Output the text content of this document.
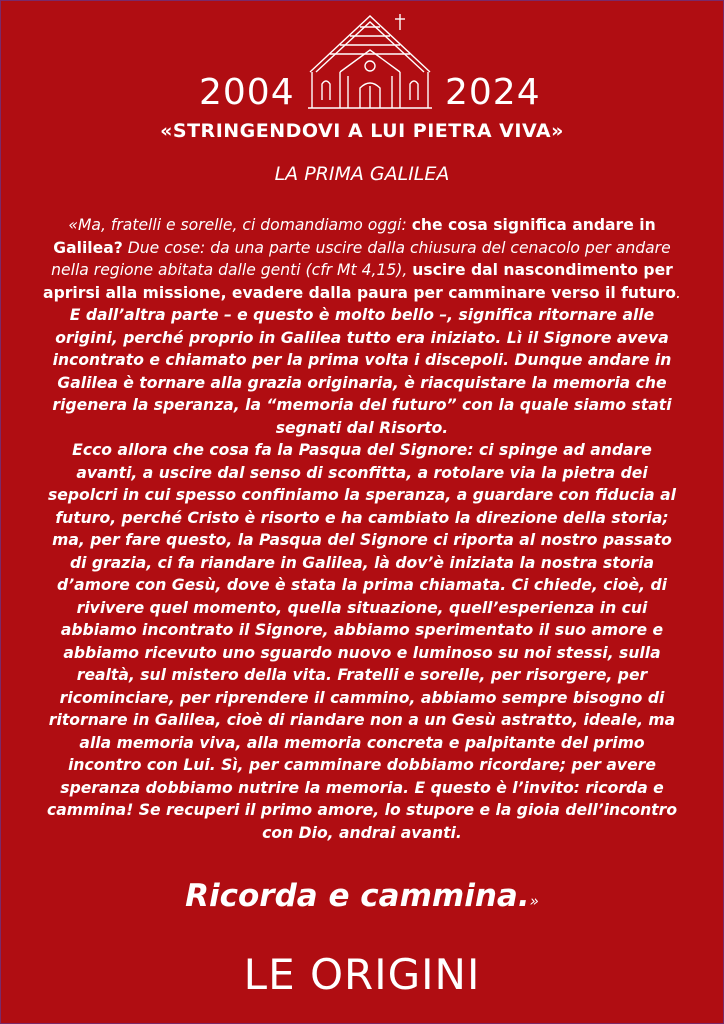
2004	2024
«STRINGENDOVI A LUI PIETRA VIVA»
LA PRIMA GALILEA
«Ma, fratelli e sorelle, ci domandiamo oggi: che cosa significa andare in
Galilea? Due cose: da una parte uscire dalla chiusura del cenacolo per andare
nella regione abitata dalle genti (cfr Mt 4,15), uscire dal nascondimento per
aprirsi alla missione, evadere dalla paura per camminare verso il futuro.
E dall’altra parte – e questo è molto bello –, significa ritornare alle
origini, perché proprio in Galilea tutto era iniziato. Lì il Signore aveva
incontrato e chiamato per la prima volta i discepoli. Dunque andare in
Galilea è tornare alla grazia originaria, è riacquistare la memoria che
rigenera la speranza, la “memoria del futuro” con la quale siamo stati
segnati dal Risorto.
Ecco allora che cosa fa la Pasqua del Signore: ci spinge ad andare
avanti, a uscire dal senso di sconfitta, a rotolare via la pietra dei
sepolcri in cui spesso confiniamo la speranza, a guardare con fiducia al
futuro, perché Cristo è risorto e ha cambiato la direzione della storia;
ma, per fare questo, la Pasqua del Signore ci riporta al nostro passato
di grazia, ci fa riandare in Galilea, là dov’è iniziata la nostra storia
d’amore con Gesù, dove è stata la prima chiamata. Ci chiede, cioè, di
rivivere quel momento, quella situazione, quell’esperienza in cui
abbiamo incontrato il Signore, abbiamo sperimentato il suo amore e
abbiamo ricevuto uno sguardo nuovo e luminoso su noi stessi, sulla
realtà, sul mistero della vita. Fratelli e sorelle, per risorgere, per
ricominciare, per riprendere il cammino, abbiamo sempre bisogno di
ritornare in Galilea, cioè di riandare non a un Gesù astratto, ideale, ma
alla memoria viva, alla memoria concreta e palpitante del primo
incontro con Lui. Sì, per camminare dobbiamo ricordare; per avere
speranza dobbiamo nutrire la memoria. E questo è l’invito: ricorda e
cammina! Se recuperi il primo amore, lo stupore e la gioia dell’incontro
con Dio, andrai avanti.
Ricorda e cammina.»
LE ORIGINI
